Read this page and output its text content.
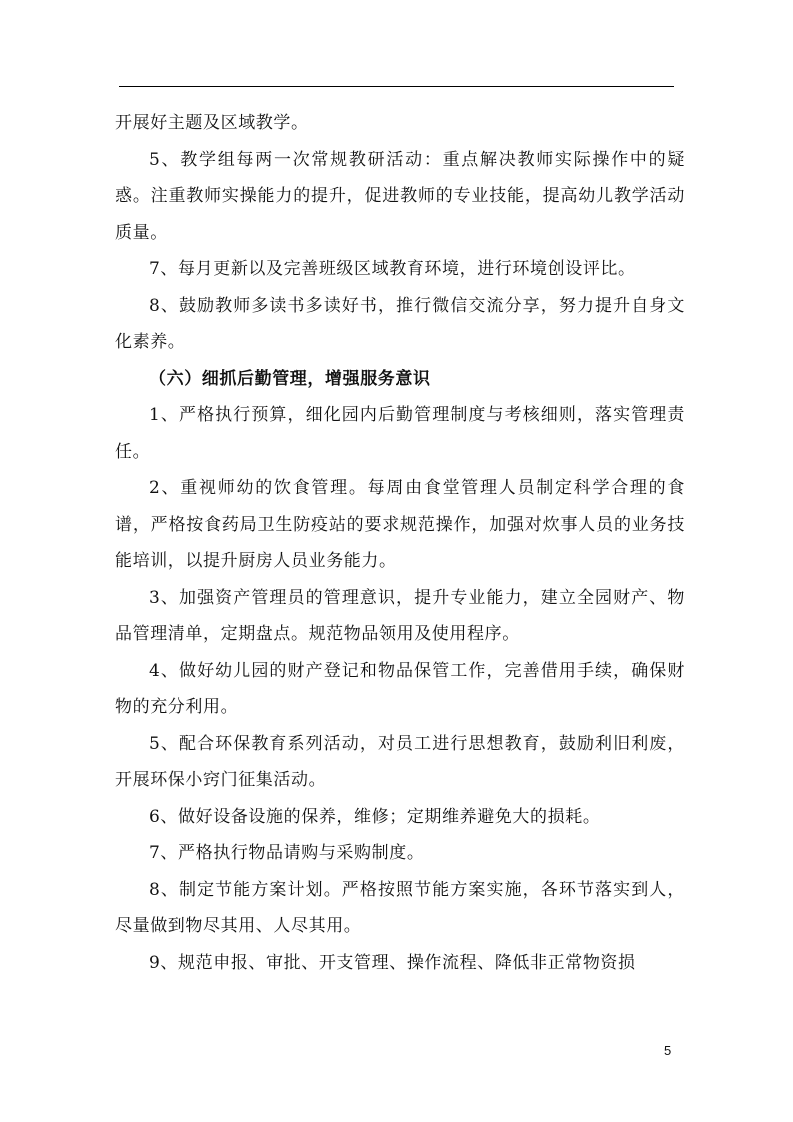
开展好主题及区域教学。

5、教学组每两一次常规教研活动：重点解决教师实际操作中的疑惑。注重教师实操能力的提升，促进教师的专业技能，提高幼儿教学活动质量。

7、每月更新以及完善班级区域教育环境，进行环境创设评比。

8、鼓励教师多读书多读好书，推行微信交流分享，努力提升自身文化素养。

（六）细抓后勤管理，增强服务意识

1、严格执行预算，细化园内后勤管理制度与考核细则，落实管理责任。

2、重视师幼的饮食管理。每周由食堂管理人员制定科学合理的食谱，严格按食药局卫生防疫站的要求规范操作，加强对炊事人员的业务技能培训，以提升厨房人员业务能力。

3、加强资产管理员的管理意识，提升专业能力，建立全园财产、物品管理清单，定期盘点。规范物品领用及使用程序。

4、做好幼儿园的财产登记和物品保管工作，完善借用手续，确保财物的充分利用。

5、配合环保教育系列活动，对员工进行思想教育，鼓励利旧利废，开展环保小窍门征集活动。

6、做好设备设施的保养，维修；定期维养避免大的损耗。

7、严格执行物品请购与采购制度。

8、制定节能方案计划。严格按照节能方案实施，各环节落实到人，尽量做到物尽其用、人尽其用。

9、规范申报、审批、开支管理、操作流程、降低非正常物资损

5
